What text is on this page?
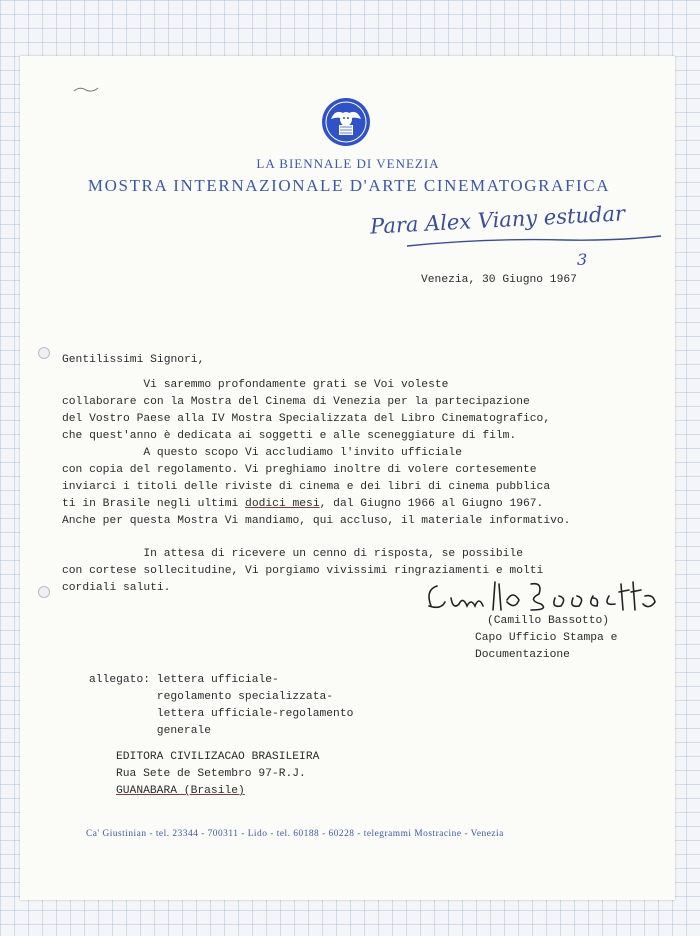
LA BIENNALE DI VENEZIA
MOSTRA INTERNAZIONALE D'ARTE CINEMATOGRAFICA
Para Alex Viany estudar
3
Venezia, 30 Giugno 1967
Gentilissimi Signori,
Vi saremmo profondamente grati se Voi voleste
collaborare con la Mostra del Cinema di Venezia per la partecipazione
del Vostro Paese alla IV Mostra Specializzata del Libro Cinematografico,
che quest'anno è dedicata ai soggetti e alle sceneggiature di film.
A questo scopo Vi accludiamo l'invito ufficiale
con copia del regolamento. Vi preghiamo inoltre di volere cortesemente
inviarci i titoli delle riviste di cinema e dei libri di cinema pubblica
ti in Brasile negli ultimi dodici mesi, dal Giugno 1966 al Giugno 1967.
Anche per questa Mostra Vi mandiamo, qui accluso, il materiale informativo.
In attesa di ricevere un cenno di risposta, se possibile
con cortese sollecitudine, Vi porgiamo vivissimi ringraziamenti e molti
cordiali saluti.
(Camillo Bassotto)
Capo Ufficio Stampa e
Documentazione
allegato: lettera ufficiale-
regolamento specializzata-
lettera ufficiale-regolamento
generale
EDITORA CIVILIZACAO BRASILEIRA
Rua Sete de Setembro 97-R.J.
GUANABARA (Brasile)
Ca' Giustinian - tel. 23344 - 700311 - Lido - tel. 60188 - 60228 - telegrammi Mostracine - Venezia
